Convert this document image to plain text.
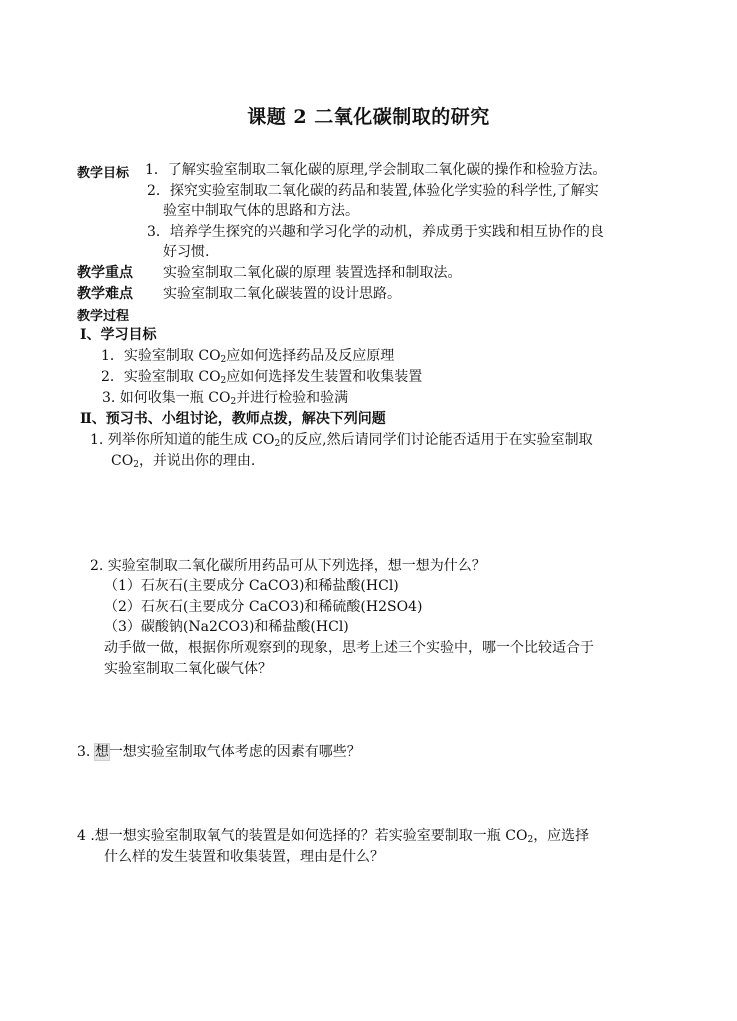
课题 2 二氧化碳制取的研究
教学目标 1．了解实验室制取二氧化碳的原理,学会制取二氧化碳的操作和检验方法。
2．探究实验室制取二氧化碳的药品和装置,体验化学实验的科学性,了解实
验室中制取气体的思路和方法。
3．培养学生探究的兴趣和学习化学的动机，养成勇于实践和相互协作的良
好习惯.
教学重点 实验室制取二氧化碳的原理 装置选择和制取法。
教学难点 实验室制取二氧化碳装置的设计思路。
教学过程
Ⅰ、学习目标
1．实验室制取 $CO_2$应如何选择药品及反应原理
2．实验室制取 $CO_2$应如何选择发生装置和收集装置
3. 如何收集一瓶 $CO_2$并进行检验和验满
Ⅱ、预习书、小组讨论，教师点拨，解决下列问题
1. 列举你所知道的能生成 $CO_2$的反应,然后请同学们讨论能否适用于在实验室制取
$CO_2$，并说出你的理由.
2. 实验室制取二氧化碳所用药品可从下列选择，想一想为什么？
（1）石灰石(主要成分 CaCO3)和稀盐酸(HCl)
（2）石灰石(主要成分 CaCO3)和稀硫酸(H2SO4)
（3）碳酸钠(Na2CO3)和稀盐酸(HCl)
动手做一做，根据你所观察到的现象，思考上述三个实验中，哪一个比较适合于
实验室制取二氧化碳气体？
3. 想一想实验室制取气体考虑的因素有哪些？
4 .想一想实验室制取氧气的装置是如何选择的？若实验室要制取一瓶 $CO_2$，应选择
什么样的发生装置和收集装置，理由是什么？
